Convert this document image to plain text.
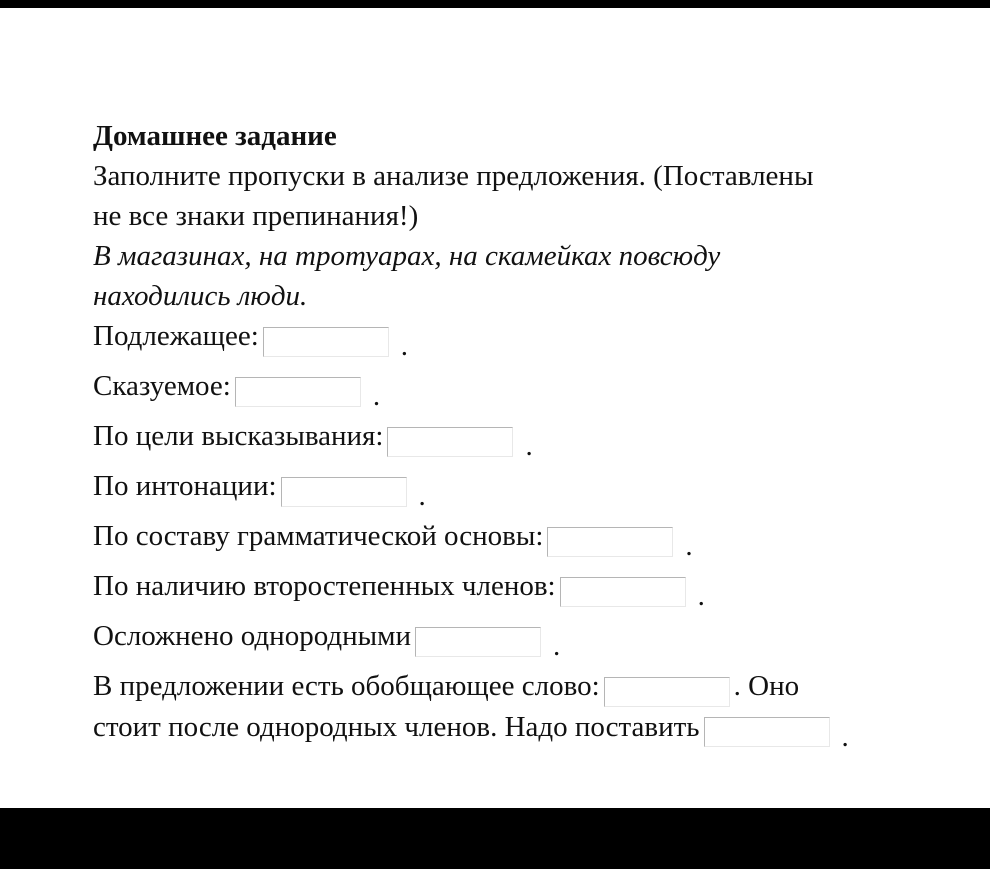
Домашнее задание
Заполните пропуски в анализе предложения. (Поставлены
не все знаки препинания!)
В магазинах, на тротуарах, на скамейках повсюду
находились люди.
Подлежащее:	.
Сказуемое:	.
По цели высказывания:	.
По интонации:	.
По составу грамматической основы:	.
По наличию второстепенных членов:	.
Осложнено однородными	.
В предложении есть обобщающее слово:	. Оно
стоит после однородных членов. Надо поставить	.
